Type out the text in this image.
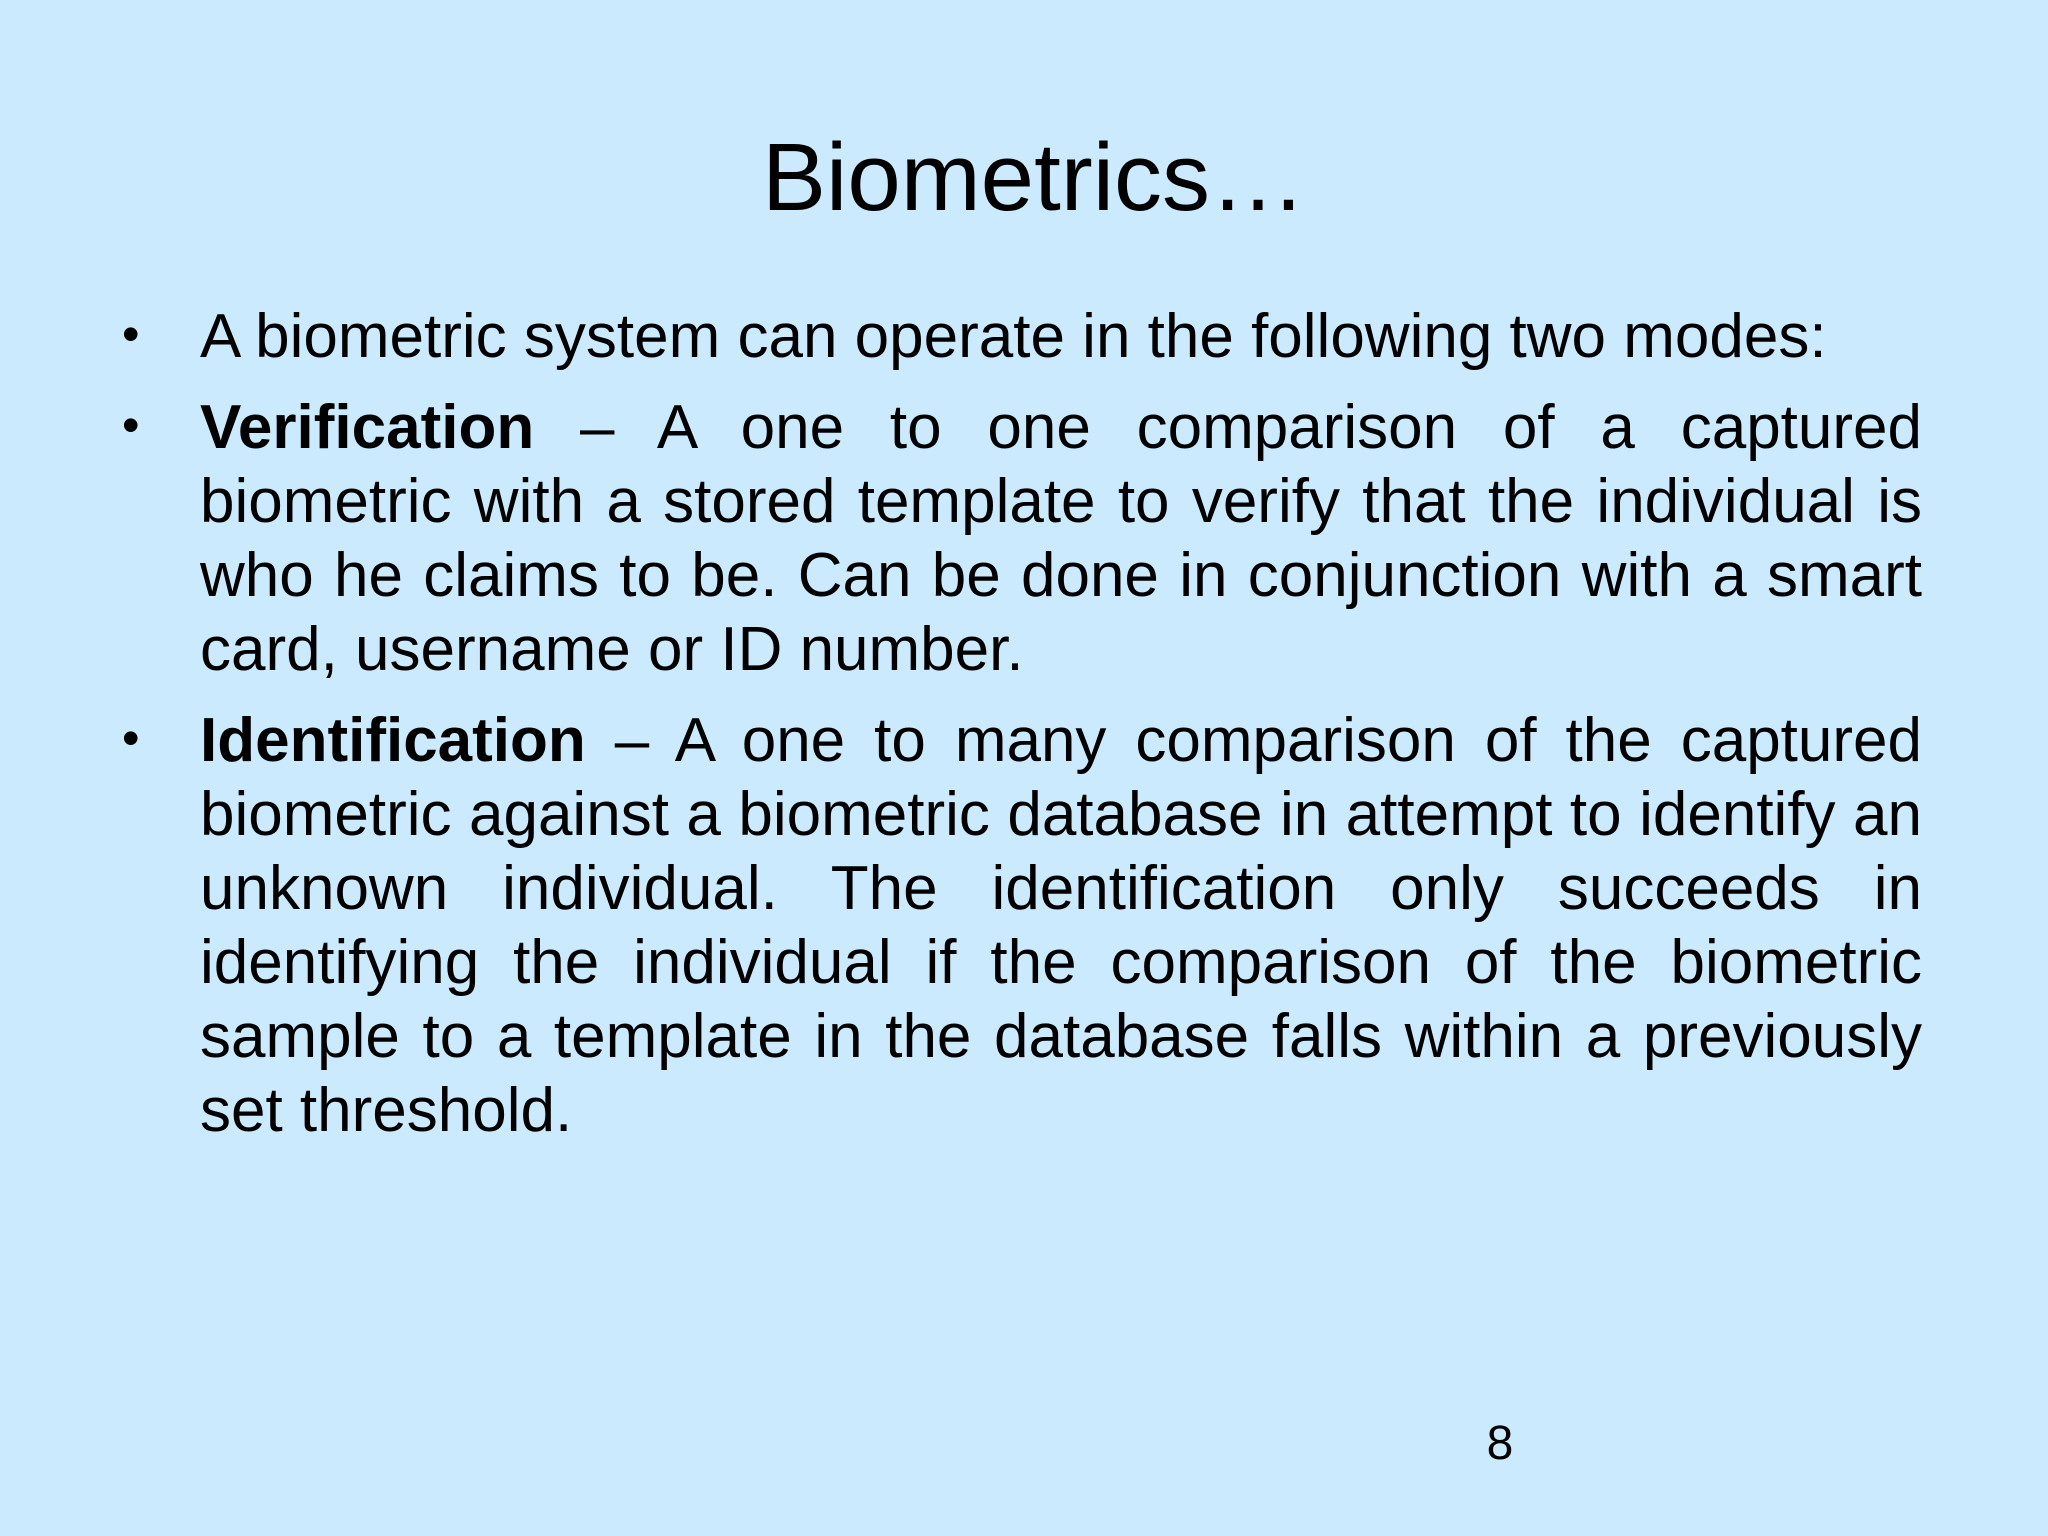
Biometrics…
• A biometric system can operate in the following two modes:
• Verification – A one to one comparison of a captured biometric with a stored template to verify that the individual is who he claims to be. Can be done in conjunction with a smart card, username or ID number.
• Identification – A one to many comparison of the captured biometric against a biometric database in attempt to identify an unknown individual. The identification only succeeds in identifying the individual if the comparison of the biometric sample to a template in the database falls within a previously set threshold.
8
